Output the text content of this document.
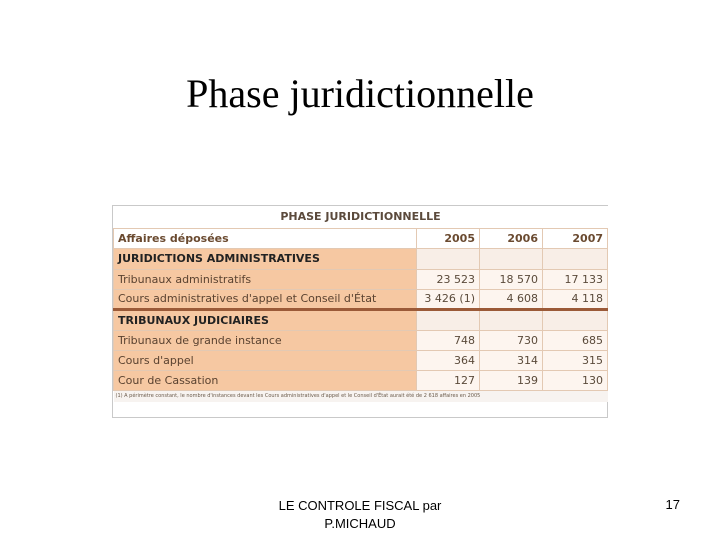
Phase juridictionnelle
PHASE JURIDICTIONNELLE			
Affaires déposées	2005	2006	2007
JURIDICTIONS ADMINISTRATIVES			
Tribunaux administratifs	23 523	18 570	17 133
Cours administratives d'appel et Conseil d'État	3 426 (1)	4 608	4 118
TRIBUNAUX JUDICIAIRES			
Tribunaux de grande instance	748	730	685
Cours d'appel	364	314	315
Cour de Cassation	127	139	130
(1) A périmètre constant, le nombre d'instances devant les Cours administratives d'appel et le Conseil d'État aurait été de 2 618 affaires en 2005			
LE CONTROLE FISCAL par
P.MICHAUD
17
